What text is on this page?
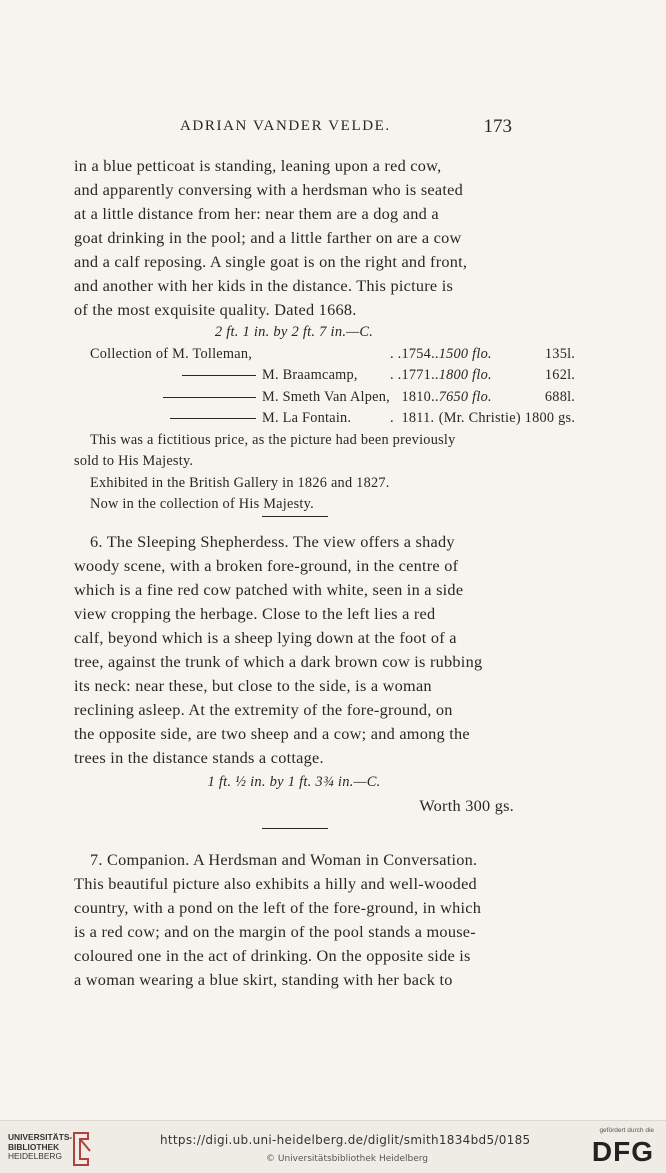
ADRIAN VANDER VELDE.	173

in a blue petticoat is standing, leaning upon a red cow,

and apparently conversing with a herdsman who is seated

at a little distance from her: near them are a dog and a

goat drinking in the pool; and a little farther on are a cow

and a calf reposing. A single goat is on the right and front,

and another with her kids in the distance. This picture is

of the most exquisite quality. Dated 1668.

2 ft. 1 in. by 2 ft. 7 in.—C.

Collection of M. Tolleman,	. .	1754.	.	1500 flo.	135l.
M. Braamcamp,	. .	1771.	.	1800 flo.	162l.
M. Smeth Van Alpen,		1810.	.	7650 flo.	688l.
M. La Fontain.	.	1811.		(Mr. Christie) 1800 gs.	

This was a fictitious price, as the picture had been previously

sold to His Majesty.

Exhibited in the British Gallery in 1826 and 1827.

Now in the collection of His Majesty.

6. The Sleeping Shepherdess. The view offers a shady

woody scene, with a broken fore-ground, in the centre of

which is a fine red cow patched with white, seen in a side

view cropping the herbage. Close to the left lies a red

calf, beyond which is a sheep lying down at the foot of a

tree, against the trunk of which a dark brown cow is rubbing

its neck: near these, but close to the side, is a woman

reclining asleep. At the extremity of the fore-ground, on

the opposite side, are two sheep and a cow; and among the

trees in the distance stands a cottage.

1 ft. ½ in. by 1 ft. 3¾ in.—C.

Worth 300 gs.

7. Companion. A Herdsman and Woman in Conversation.

This beautiful picture also exhibits a hilly and well-wooded

country, with a pond on the left of the fore-ground, in which

is a red cow; and on the margin of the pool stands a mouse-

coloured one in the act of drinking. On the opposite side is

a woman wearing a blue skirt, standing with her back to

UNIVERSITÄTS-
BIBLIOTHEK
HEIDELBERG
https://digi.ub.uni-heidelberg.de/diglit/smith1834bd5/0185
© Universitätsbibliothek Heidelberg
gefördert durch die
DFG
